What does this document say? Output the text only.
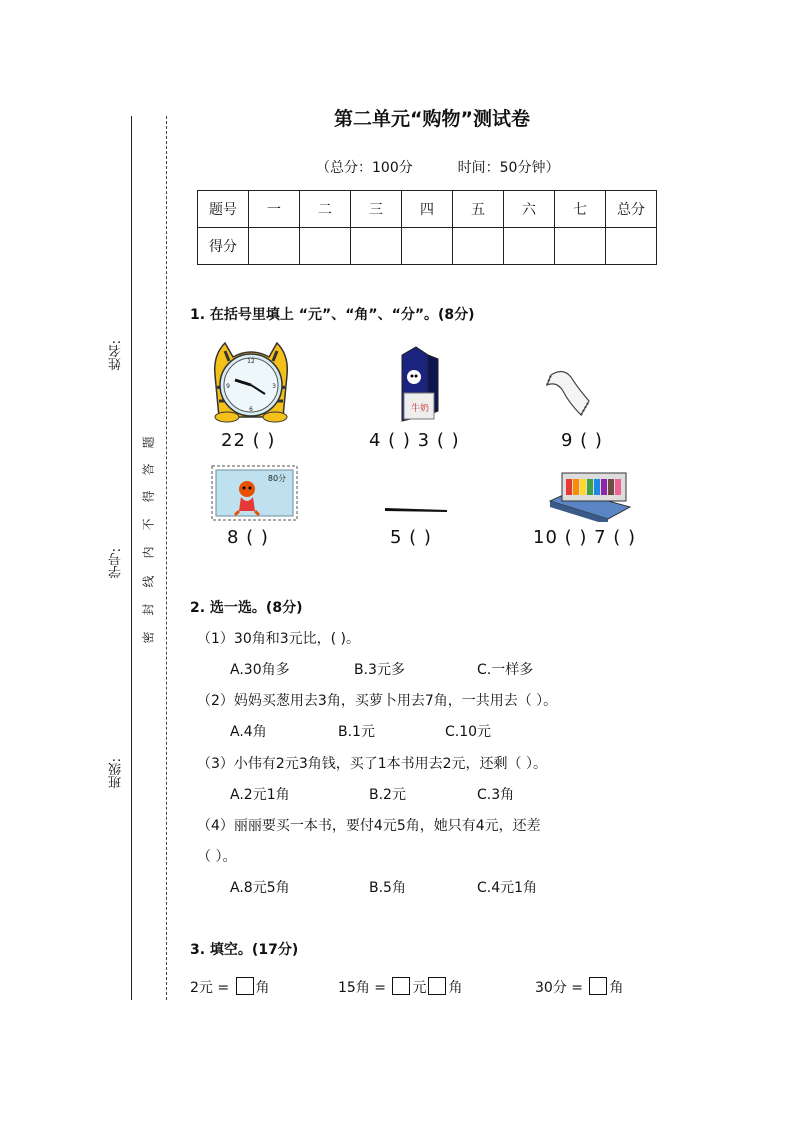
姓名:
学号:
班级:
题
答
得
不
内
线
封
密
第二单元“购物”测试卷
（总分：100分	时间：50分钟）
题号	一	二	三	四	五	六	七	总分
得分								
1. 在括号里填上 “元”、“角”、“分”。(8分)
12
3
6
9
22 ( )
牛奶
4 ( ) 3 ( )	9 ( )
80分
8 ( )	5 ( )	10 ( ) 7 ( )
2. 选一选。(8分)
（1）30角和3元比，( )。
A.30角多	B.3元多	C.一样多
（2）妈妈买葱用去3角，买萝卜用去7角，一共用去（ ）。
A.4角	B.1元	C.10元
（3）小伟有2元3角钱，买了1本书用去2元，还剩（ ）。
A.2元1角	B.2元	C.3角
（4）丽丽要买一本书，要付4元5角，她只有4元，还差
（ ）。
A.8元5角	B.5角	C.4元1角
3. 填空。(17分)
2元 = 角	15角 = 元 角	30分 = 角
